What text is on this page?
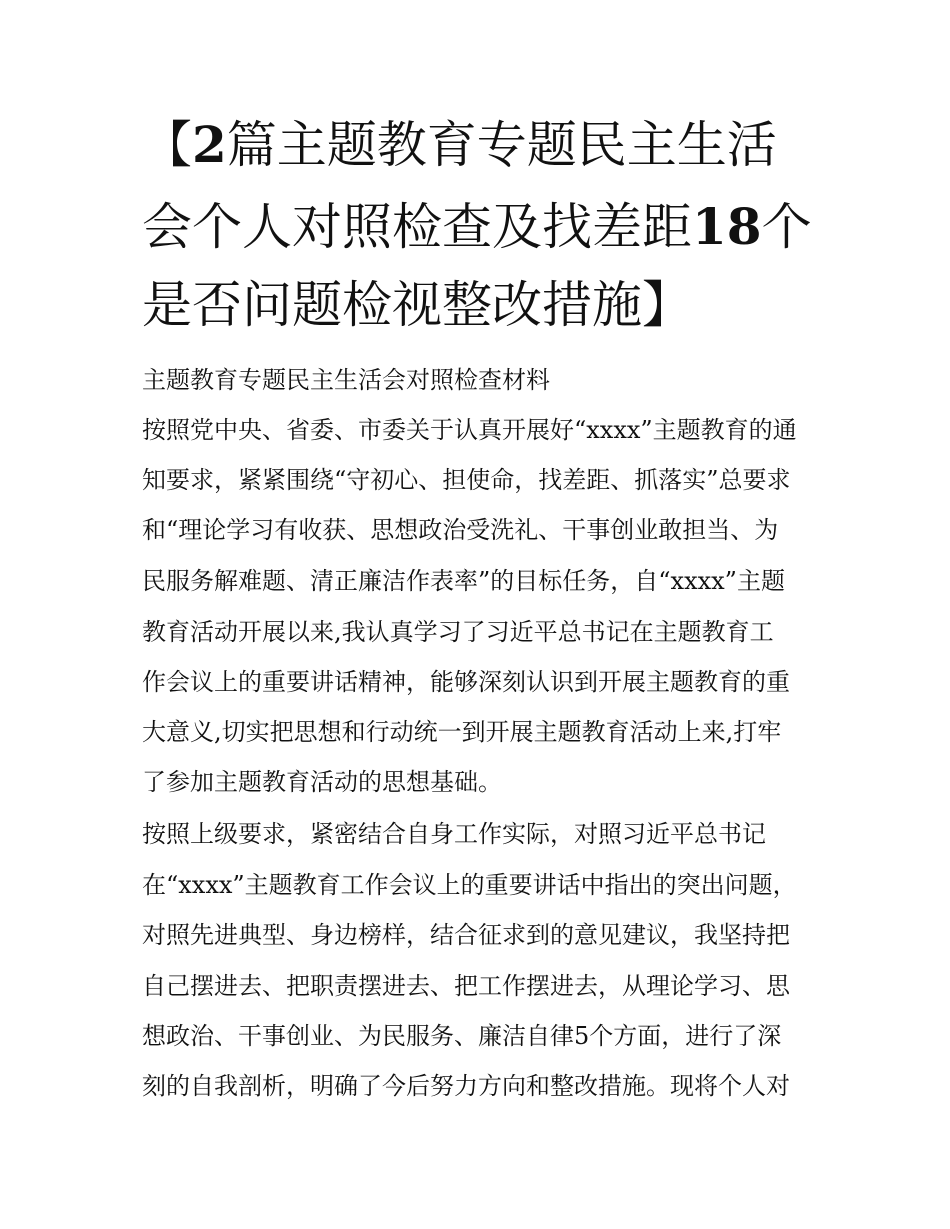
【2篇主题教育专题民主生活
会个人对照检查及找差距18个
是否问题检视整改措施】
主题教育专题民主生活会对照检查材料
按照党中央、省委、市委关于认真开展好“xxxx”主题教育的通
知要求，紧紧围绕“守初心、担使命，找差距、抓落实”总要求
和“理论学习有收获、思想政治受洗礼、干事创业敢担当、为
民服务解难题、清正廉洁作表率”的目标任务，自“xxxx”主题
教育活动开展以来,我认真学习了习近平总书记在主题教育工
作会议上的重要讲话精神，能够深刻认识到开展主题教育的重
大意义,切实把思想和行动统一到开展主题教育活动上来,打牢
了参加主题教育活动的思想基础。
按照上级要求，紧密结合自身工作实际，对照习近平总书记
在“xxxx”主题教育工作会议上的重要讲话中指出的突出问题，
对照先进典型、身边榜样，结合征求到的意见建议，我坚持把
自己摆进去、把职责摆进去、把工作摆进去，从理论学习、思
想政治、干事创业、为民服务、廉洁自律5个方面，进行了深
刻的自我剖析，明确了今后努力方向和整改措施。现将个人对
